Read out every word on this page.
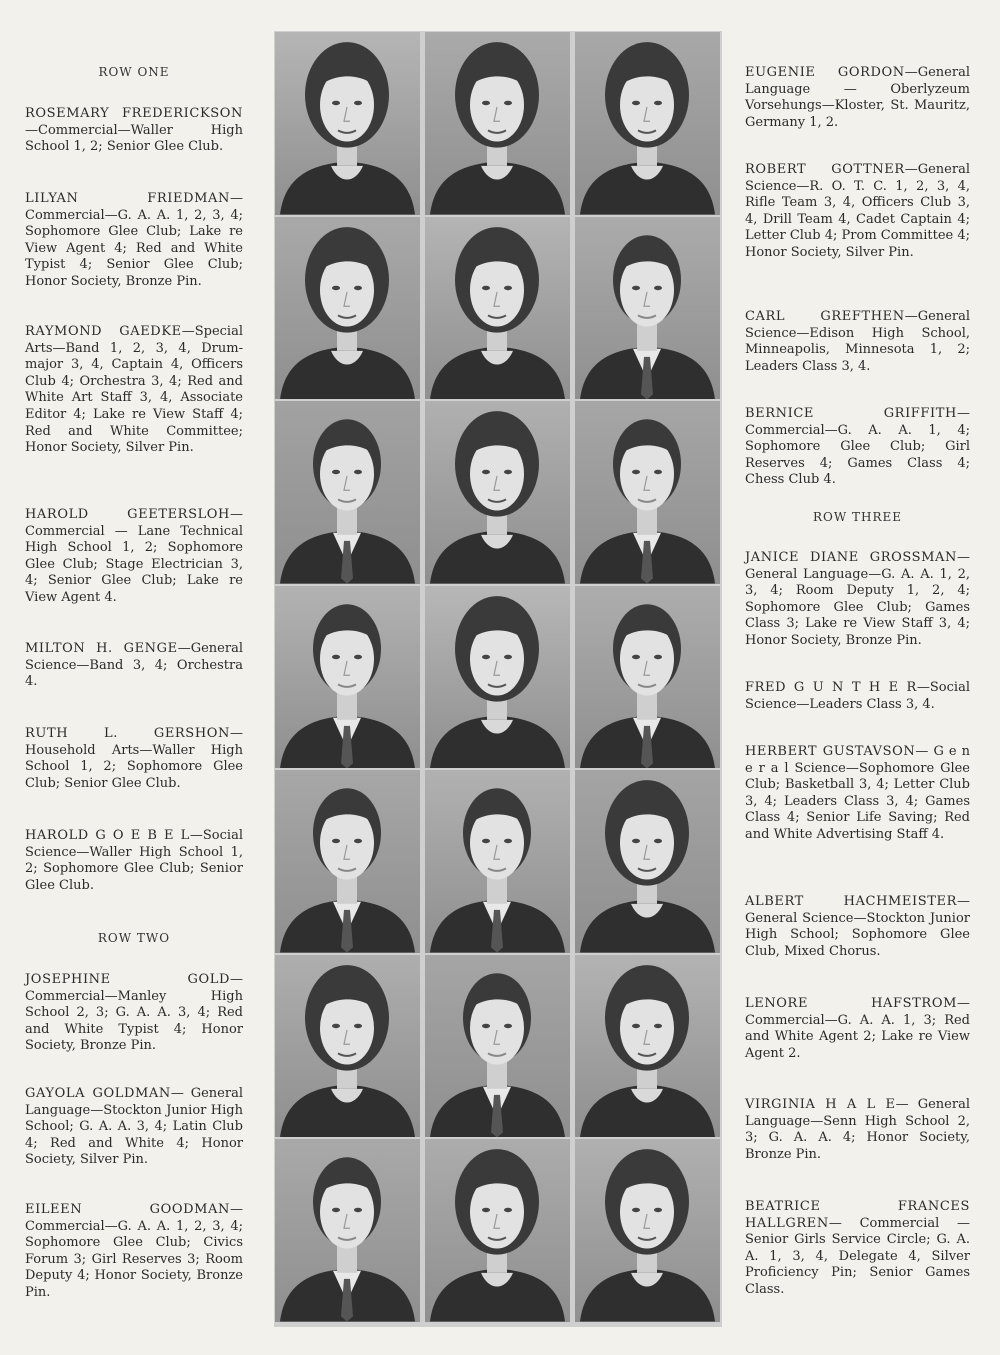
ROW ONE
ROSEMARY FREDERICKSON—Commercial—Waller High School 1, 2; Senior Glee Club.
LILYAN FRIEDMAN— Commercial—G. A. A. 1, 2, 3, 4; Sophomore Glee Club; Lake re View Agent 4; Red and White Typist 4; Senior Glee Club; Honor Society, Bronze Pin.
RAYMOND GAEDKE—Special Arts—Band 1, 2, 3, 4, Drum-major 3, 4, Captain 4, Officers Club 4; Orchestra 3, 4; Red and White Art Staff 3, 4, Associate Editor 4; Lake re View Staff 4; Red and White Committee; Honor Society, Silver Pin.
HAROLD GEETERSLOH— Commercial — Lane Technical High School 1, 2; Sophomore Glee Club; Stage Electrician 3, 4; Senior Glee Club; Lake re View Agent 4.
MILTON H. GENGE—General Science—Band 3, 4; Orchestra 4.
RUTH L. GERSHON—Household Arts—Waller High School 1, 2; Sophomore Glee Club; Senior Glee Club.
HAROLD G O E B E L—Social Science—Waller High School 1, 2; Sophomore Glee Club; Senior Glee Club.
ROW TWO
JOSEPHINE GOLD—Commercial—Manley High School 2, 3; G. A. A. 3, 4; Red and White Typist 4; Honor Society, Bronze Pin.
GAYOLA GOLDMAN— General Language—Stockton Junior High School; G. A. A. 3, 4; Latin Club 4; Red and White 4; Honor Society, Silver Pin.
EILEEN GOODMAN— Commercial—G. A. A. 1, 2, 3, 4; Sophomore Glee Club; Civics Forum 3; Girl Reserves 3; Room Deputy 4; Honor Society, Bronze Pin.
EUGENIE GORDON—General Language — Oberlyzeum Vorsehungs—Kloster, St. Mauritz, Germany 1, 2.
ROBERT GOTTNER—General Science—R. O. T. C. 1, 2, 3, 4, Rifle Team 3, 4, Officers Club 3, 4, Drill Team 4, Cadet Captain 4; Letter Club 4; Prom Committee 4; Honor Society, Silver Pin.
CARL GREFTHEN—General Science—Edison High School, Minneapolis, Minnesota 1, 2; Leaders Class 3, 4.
BERNICE GRIFFITH— Commercial—G. A. A. 1, 4; Sophomore Glee Club; Girl Reserves 4; Games Class 4; Chess Club 4.
ROW THREE
JANICE DIANE GROSSMAN—General Language—G. A. A. 1, 2, 3, 4; Room Deputy 1, 2, 4; Sophomore Glee Club; Games Class 3; Lake re View Staff 3, 4; Honor Society, Bronze Pin.
FRED G U N T H E R—Social Science—Leaders Class 3, 4.
HERBERT GUSTAVSON— G e n e r a l Science—Sophomore Glee Club; Basketball 3, 4; Letter Club 3, 4; Leaders Class 3, 4; Games Class 4; Senior Life Saving; Red and White Advertising Staff 4.
ALBERT HACHMEISTER— General Science—Stockton Junior High School; Sophomore Glee Club, Mixed Chorus.
LENORE HAFSTROM—Commercial—G. A. A. 1, 3; Red and White Agent 2; Lake re View Agent 2.
VIRGINIA H A L E— General Language—Senn High School 2, 3; G. A. A. 4; Honor Society, Bronze Pin.
BEATRICE FRANCES HALLGREN— Commercial — Senior Girls Service Circle; G. A. A. 1, 3, 4, Delegate 4, Silver Proficiency Pin; Senior Games Class.
